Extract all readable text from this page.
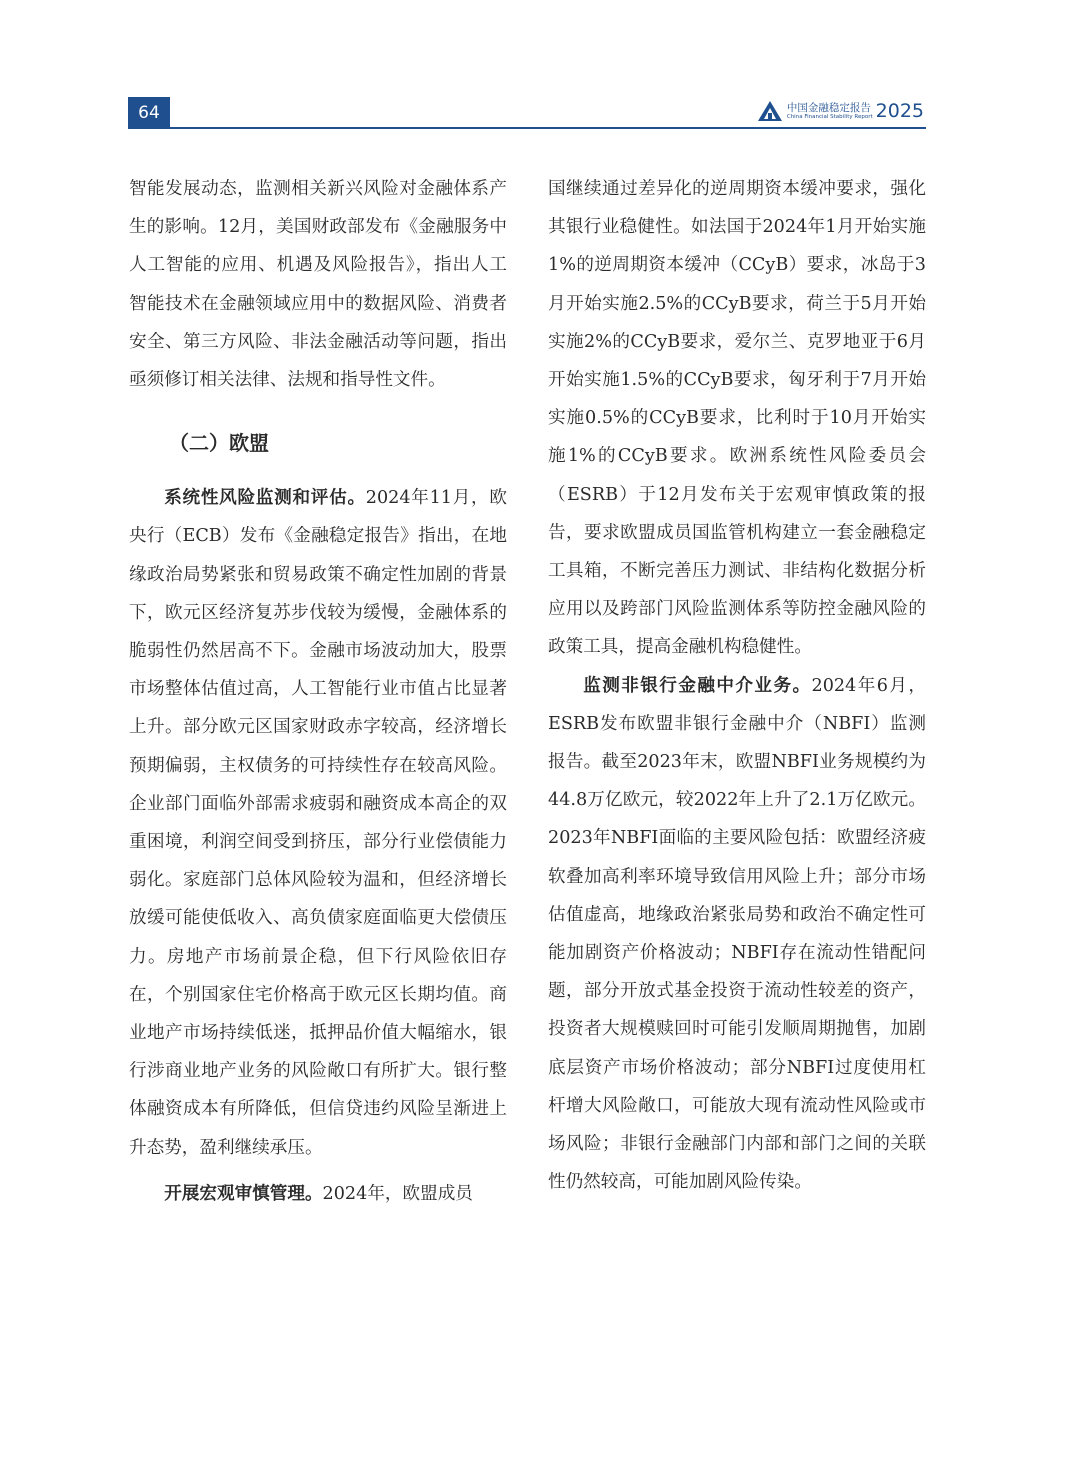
64	中国金融稳定报告
China Financial Stability Report 2025

智能发展动态，监测相关新兴风险对金融体系产生的影响。12月，美国财政部发布《金融服务中人工智能的应用、机遇及风险报告》，指出人工智能技术在金融领域应用中的数据风险、消费者安全、第三方风险、非法金融活动等问题，指出亟须修订相关法律、法规和指导性文件。

（二）欧盟

系统性风险监测和评估。2024年11月，欧央行（ECB）发布《金融稳定报告》指出，在地缘政治局势紧张和贸易政策不确定性加剧的背景下，欧元区经济复苏步伐较为缓慢，金融体系的脆弱性仍然居高不下。金融市场波动加大，股票市场整体估值过高，人工智能行业市值占比显著上升。部分欧元区国家财政赤字较高，经济增长预期偏弱，主权债务的可持续性存在较高风险。企业部门面临外部需求疲弱和融资成本高企的双重困境，利润空间受到挤压，部分行业偿债能力弱化。家庭部门总体风险较为温和，但经济增长放缓可能使低收入、高负债家庭面临更大偿债压力。房地产市场前景企稳，但下行风险依旧存在，个别国家住宅价格高于欧元区长期均值。商业地产市场持续低迷，抵押品价值大幅缩水，银行涉商业地产业务的风险敞口有所扩大。银行整体融资成本有所降低，但信贷违约风险呈渐进上升态势，盈利继续承压。

开展宏观审慎管理。2024年，欧盟成员

国继续通过差异化的逆周期资本缓冲要求，强化其银行业稳健性。如法国于2024年1月开始实施1%的逆周期资本缓冲（CCyB）要求，冰岛于3月开始实施2.5%的CCyB要求，荷兰于5月开始实施2%的CCyB要求，爱尔兰、克罗地亚于6月开始实施1.5%的CCyB要求，匈牙利于7月开始实施0.5%的CCyB要求，比利时于10月开始实施1%的CCyB要求。欧洲系统性风险委员会（ESRB）于12月发布关于宏观审慎政策的报告，要求欧盟成员国监管机构建立一套金融稳定工具箱，不断完善压力测试、非结构化数据分析应用以及跨部门风险监测体系等防控金融风险的政策工具，提高金融机构稳健性。

监测非银行金融中介业务。2024年6月，ESRB发布欧盟非银行金融中介（NBFI）监测报告。截至2023年末，欧盟NBFI业务规模约为44.8万亿欧元，较2022年上升了2.1万亿欧元。2023年NBFI面临的主要风险包括：欧盟经济疲软叠加高利率环境导致信用风险上升；部分市场估值虚高，地缘政治紧张局势和政治不确定性可能加剧资产价格波动；NBFI存在流动性错配问题，部分开放式基金投资于流动性较差的资产，投资者大规模赎回时可能引发顺周期抛售，加剧底层资产市场价格波动；部分NBFI过度使用杠杆增大风险敞口，可能放大现有流动性风险或市场风险；非银行金融部门内部和部门之间的关联性仍然较高，可能加剧风险传染。
